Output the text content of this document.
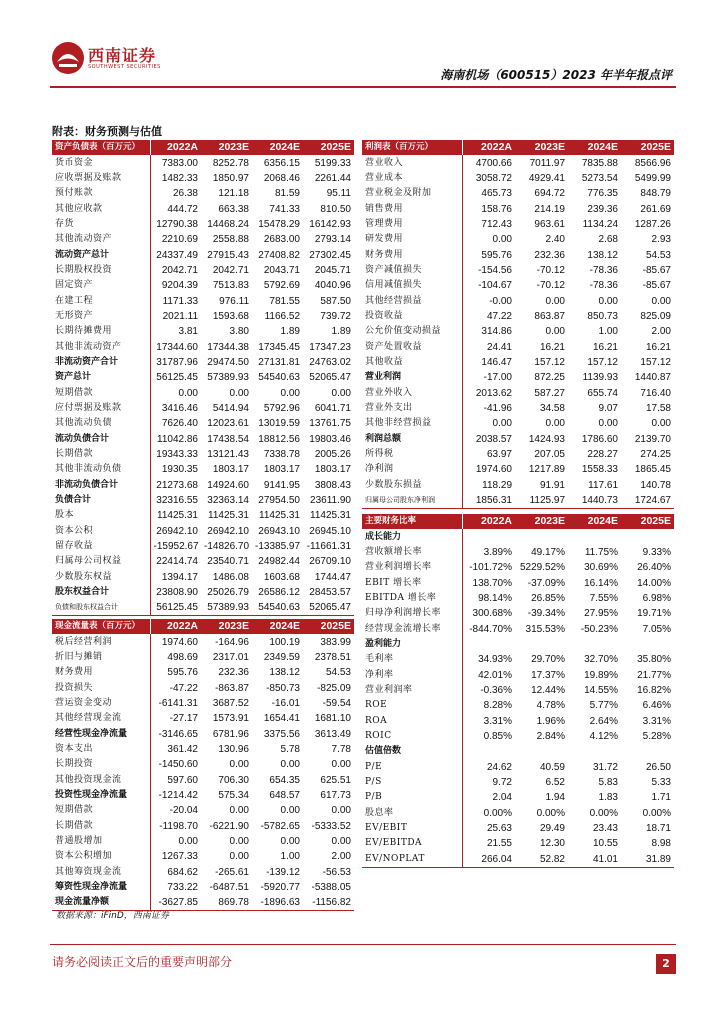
西南证券
SOUTHWEST SECURITIES
海南机场（600515）2023 年半年报点评
附表：财务预测与估值
资产负债表（百万元）	2022A	2023E	2024E	2025E
货币资金	7383.00	8252.78	6356.15	5199.33
应收票据及账款	1482.33	1850.97	2068.46	2261.44
预付账款	26.38	121.18	81.59	95.11
其他应收款	444.72	663.38	741.33	810.50
存货	12790.38	14468.24	15478.29	16142.93
其他流动资产	2210.69	2558.88	2683.00	2793.14
流动资产总计	24337.49	27915.43	27408.82	27302.45
长期股权投资	2042.71	2042.71	2043.71	2045.71
固定资产	9204.39	7513.83	5792.69	4040.96
在建工程	1171.33	976.11	781.55	587.50
无形资产	2021.11	1593.68	1166.52	739.72
长期待摊费用	3.81	3.80	1.89	1.89
其他非流动资产	17344.60	17344.38	17345.45	17347.23
非流动资产合计	31787.96	29474.50	27131.81	24763.02
资产总计	56125.45	57389.93	54540.63	52065.47
短期借款	0.00	0.00	0.00	0.00
应付票据及账款	3416.46	5414.94	5792.96	6041.71
其他流动负债	7626.40	12023.61	13019.59	13761.75
流动负债合计	11042.86	17438.54	18812.56	19803.46
长期借款	19343.33	13121.43	7338.78	2005.26
其他非流动负债	1930.35	1803.17	1803.17	1803.17
非流动负债合计	21273.68	14924.60	9141.95	3808.43
负债合计	32316.55	32363.14	27954.50	23611.90
股本	11425.31	11425.31	11425.31	11425.31
资本公积	26942.10	26942.10	26943.10	26945.10
留存收益	-15952.67	-14826.70	-13385.97	-11661.31
归属母公司权益	22414.74	23540.71	24982.44	26709.10
少数股东权益	1394.17	1486.08	1603.68	1744.47
股东权益合计	23808.90	25026.79	26586.12	28453.57
负债和股东权益合计	56125.45	57389.93	54540.63	52065.47
利润表（百万元）	2022A	2023E	2024E	2025E
营业收入	4700.66	7011.97	7835.88	8566.96
营业成本	3058.72	4929.41	5273.54	5499.99
营业税金及附加	465.73	694.72	776.35	848.79
销售费用	158.76	214.19	239.36	261.69
管理费用	712.43	963.61	1134.24	1287.26
研发费用	0.00	2.40	2.68	2.93
财务费用	595.76	232.36	138.12	54.53
资产减值损失	-154.56	-70.12	-78.36	-85.67
信用减值损失	-104.67	-70.12	-78.36	-85.67
其他经营损益	-0.00	0.00	0.00	0.00
投资收益	47.22	863.87	850.73	825.09
公允价值变动损益	314.86	0.00	1.00	2.00
资产处置收益	24.41	16.21	16.21	16.21
其他收益	146.47	157.12	157.12	157.12
营业利润	-17.00	872.25	1139.93	1440.87
营业外收入	2013.62	587.27	655.74	716.40
营业外支出	-41.96	34.58	9.07	17.58
其他非经营损益	0.00	0.00	0.00	0.00
利润总额	2038.57	1424.93	1786.60	2139.70
所得税	63.97	207.05	228.27	274.25
净利润	1974.60	1217.89	1558.33	1865.45
少数股东损益	118.29	91.91	117.61	140.78
归属母公司股东净利润	1856.31	1125.97	1440.73	1724.67
主要财务比率	2022A	2023E	2024E	2025E
成长能力				
营收额增长率	3.89%	49.17%	11.75%	9.33%
营业利润增长率	-101.72%	5229.52%	30.69%	26.40%
EBIT 增长率	138.70%	-37.09%	16.14%	14.00%
EBITDA 增长率	98.14%	26.85%	7.55%	6.98%
归母净利润增长率	300.68%	-39.34%	27.95%	19.71%
经营现金流增长率	-844.70%	315.53%	-50.23%	7.05%
盈利能力				
毛利率	34.93%	29.70%	32.70%	35.80%
净利率	42.01%	17.37%	19.89%	21.77%
营业利润率	-0.36%	12.44%	14.55%	16.82%
ROE	8.28%	4.78%	5.77%	6.46%
ROA	3.31%	1.96%	2.64%	3.31%
ROIC	0.85%	2.84%	4.12%	5.28%
估值倍数				
P/E	24.62	40.59	31.72	26.50
P/S	9.72	6.52	5.83	5.33
P/B	2.04	1.94	1.83	1.71
股息率	0.00%	0.00%	0.00%	0.00%
EV/EBIT	25.63	29.49	23.43	18.71
EV/EBITDA	21.55	12.30	10.55	8.98
EV/NOPLAT	266.04	52.82	41.01	31.89
现金流量表（百万元）	2022A	2023E	2024E	2025E
税后经营利润	1974.60	-164.96	100.19	383.99
折旧与摊销	498.69	2317.01	2349.59	2378.51
财务费用	595.76	232.36	138.12	54.53
投资损失	-47.22	-863.87	-850.73	-825.09
营运资金变动	-6141.31	3687.52	-16.01	-59.54
其他经营现金流	-27.17	1573.91	1654.41	1681.10
经营性现金净流量	-3146.65	6781.96	3375.56	3613.49
资本支出	361.42	130.96	5.78	7.78
长期投资	-1450.60	0.00	0.00	0.00
其他投资现金流	597.60	706.30	654.35	625.51
投资性现金净流量	-1214.42	575.34	648.57	617.73
短期借款	-20.04	0.00	0.00	0.00
长期借款	-1198.70	-6221.90	-5782.65	-5333.52
普通股增加	0.00	0.00	0.00	0.00
资本公积增加	1267.33	0.00	1.00	2.00
其他筹资现金流	684.62	-265.61	-139.12	-56.53
筹资性现金净流量	733.22	-6487.51	-5920.77	-5388.05
现金流量净额	-3627.85	869.78	-1896.63	-1156.82
数据来源：iFinD，西南证券
请务必阅读正文后的重要声明部分	2
